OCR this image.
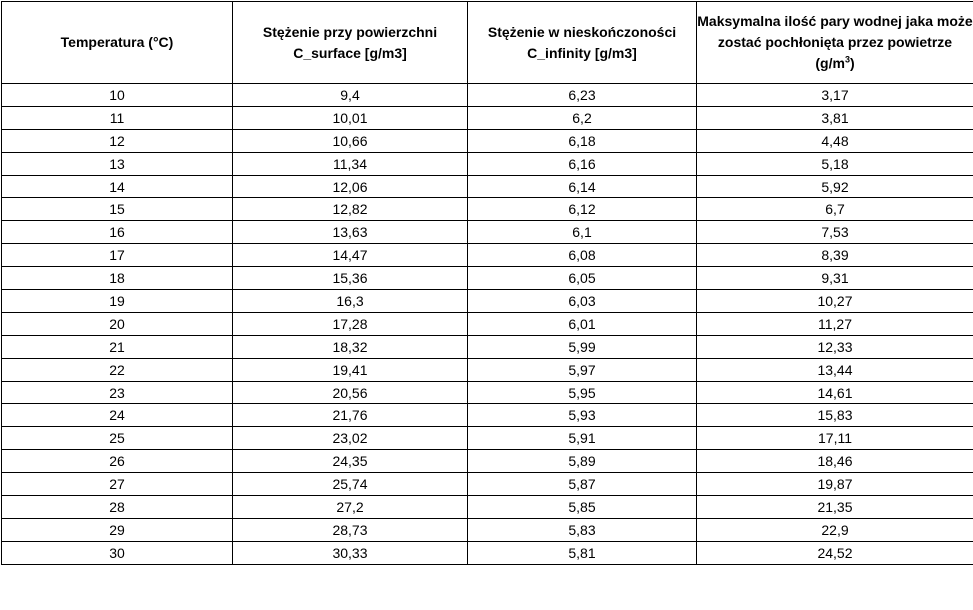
Temperatura (°C)	Stężenie przy powierzchni C_surface [g/m3]	Stężenie w nieskończoności C_infinity [g/m3]	Maksymalna ilość pary wodnej jaka może zostać pochłonięta przez powietrze $(g/m^3)$
10	9,4	6,23	3,17
11	10,01	6,2	3,81
12	10,66	6,18	4,48
13	11,34	6,16	5,18
14	12,06	6,14	5,92
15	12,82	6,12	6,7
16	13,63	6,1	7,53
17	14,47	6,08	8,39
18	15,36	6,05	9,31
19	16,3	6,03	10,27
20	17,28	6,01	11,27
21	18,32	5,99	12,33
22	19,41	5,97	13,44
23	20,56	5,95	14,61
24	21,76	5,93	15,83
25	23,02	5,91	17,11
26	24,35	5,89	18,46
27	25,74	5,87	19,87
28	27,2	5,85	21,35
29	28,73	5,83	22,9
30	30,33	5,81	24,52
